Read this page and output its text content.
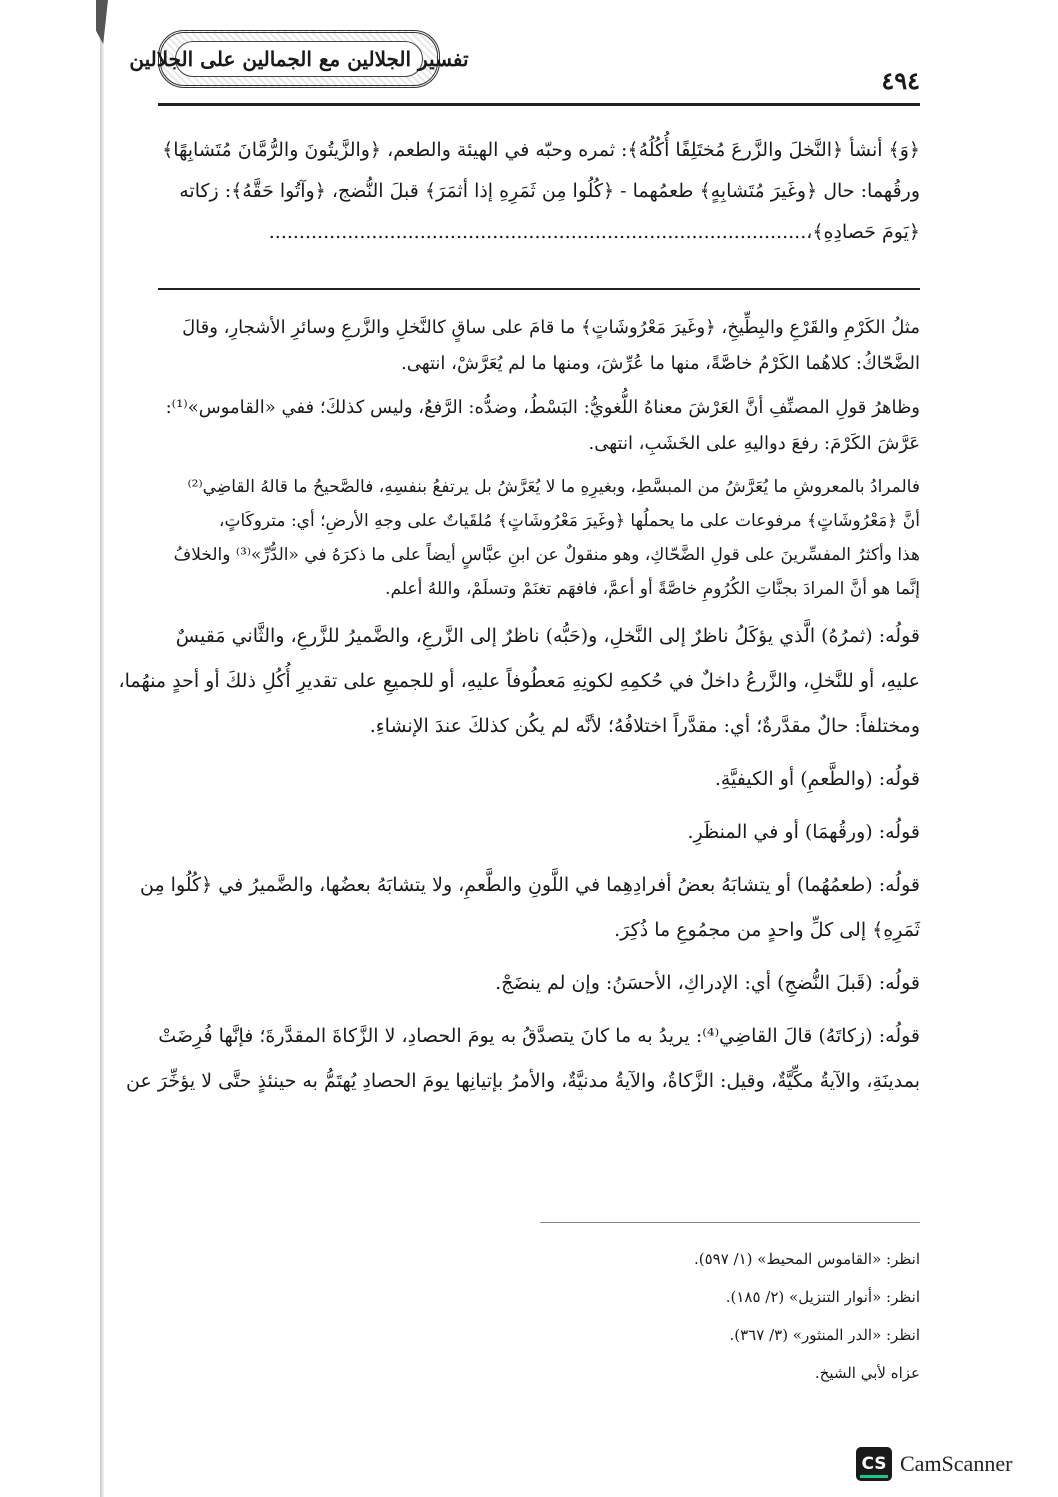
تفسير الجلالين مع الجمالين على الجلالين
٤٩٤
﴿وَ﴾ أنشأ ﴿النَّخلَ والزَّرعَ مُختَلِفًا أُكُلُهُ﴾: ثمره وحبّه في الهيئة والطعم، ﴿والزَّيتُونَ والرُّمَّانَ مُتَشابِهًا﴾
ورقُهما: حال ﴿وغَيرَ مُتَشابِهٍ﴾ طعمُهما - ﴿كُلُوا مِن ثَمَرِهِ إذا أثمَرَ﴾ قبلَ النُّضج، ﴿وآتُوا حَقَّهُ﴾: زكاته
﴿يَومَ حَصادِهِ﴾،.........................................................................................
مثلُ الكَرْمِ والقَرْعِ والبِطِّيخِ، ﴿وغَيرَ مَعْرُوشَاتٍ﴾ ما قامَ على ساقٍ كالنَّخلِ والزَّرعِ وسائرِ الأشجارِ، وقالَ
الضَّحّاكُ: كلاهُما الكَرْمُ خاصَّةً، منها ما عُرِّشَ، ومنها ما لم يُعَرَّشْ، انتهى.
وظاهرُ قولِ المصنِّفِ أنَّ العَرْشَ معناهُ اللُّغويُّ: البَسْطُ، وضدُّه: الرَّفعُ، وليس كذلكَ؛ ففي «القاموس»⁽¹⁾:
عَرَّشَ الكَرْمَ: رفعَ دواليهِ على الخَشَبِ، انتهى.
فالمرادُ بالمعروشِ ما يُعَرَّشُ من المبسَّطِ، وبغيرِهِ ما لا يُعَرَّشُ بل يرتفعُ بنفسِهِ، فالصَّحيحُ ما قالهُ القاضِي⁽²⁾
أنَّ ﴿مَعْرُوشَاتٍ﴾ مرفوعات على ما يحملُها ﴿وغَيرَ مَعْرُوشَاتٍ﴾ مُلقَياتٌ على وجهِ الأرضِ؛ أي: متروكَاتٍ،
هذا وأكثرُ المفسِّرينَ على قولِ الضَّحّاكِ، وهو منقولٌ عن ابنِ عبَّاسٍ أيضاً على ما ذكرَهُ في «الدُّرِّ»⁽³⁾ والخلافُ
إنَّما هو أنَّ المرادَ بجنَّاتِ الكُرُومِ خاصَّةً أو أعمَّ، فافهَم تغنَمْ وتسلَمْ، واللهُ أعلم.
قولُه: (ثمرُهُ) الَّذي يؤكَلُ ناظرٌ إلى النَّخلِ، و(حَبُّه) ناظرٌ إلى الزَّرعِ، والضَّميرُ للزَّرعِ، والثَّاني مَقيسٌ
عليهِ، أو للنَّخلِ، والزَّرعُ داخلٌ في حُكمِهِ لكونِهِ مَعطُوفاً عليهِ، أو للجميعِ على تقديرِ أُكُلِ ذلكَ أو أحدٍ منهُما،
ومختلفاً: حالٌ مقدَّرةٌ؛ أي: مقدَّراً اختلافُهُ؛ لأنَّه لم يكُن كذلكَ عندَ الإنشاءِ.
قولُه: (والطَّعمِ) أو الكيفيَّةِ.
قولُه: (ورقُهمَا) أو في المنظَرِ.
قولُه: (طعمُهُما) أو يتشابَهُ بعضُ أفرادِهِما في اللَّونِ والطَّعمِ، ولا يتشابَهُ بعضُها، والضَّميرُ في ﴿كُلُوا مِن
ثَمَرِهِ﴾ إلى كلِّ واحدٍ من مجمُوعِ ما ذُكِرَ.
قولُه: (قَبلَ النُّضجِ) أي: الإدراكِ، الأحسَنُ: وإن لم ينضَجْ.
قولُه: (زكاتَهُ) قالَ القاضِي⁽⁴⁾: يريدُ به ما كانَ يتصدَّقُ به يومَ الحصادِ، لا الزَّكاةَ المقدَّرةَ؛ فإنَّها فُرِضَتْ
بمدينَةِ، والآيةُ مكِّيَّةٌ، وقيل: الزَّكاةُ، والآيةُ مدنيَّةٌ، والأمرُ بإتيانِها يومَ الحصادِ يُهتَمُّ به حينئذٍ حتَّى لا يؤخِّرَ عن
انظر: «القاموس المحيط» (١/ ٥٩٧).
انظر: «أنوار التنزيل» (٢/ ١٨٥).
انظر: «الدر المنثور» (٣/ ٣٦٧).
عزاه لأبي الشيخ.
CS CamScanner
